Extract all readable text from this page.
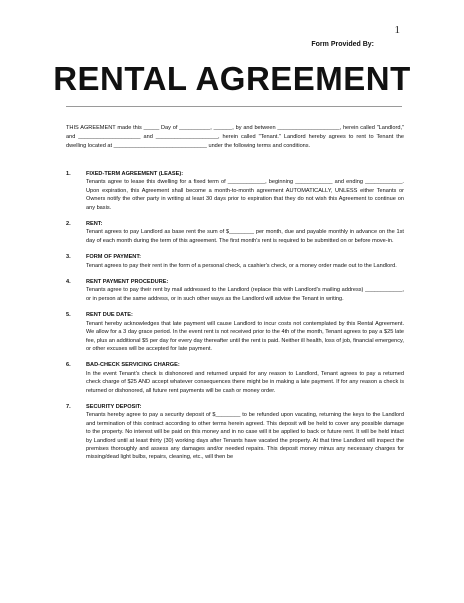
1
Form Provided By:
RENTAL AGREEMENT
THIS AGREEMENT made this _____ Day of __________, ______, by and between ____________________, herein called "Landlord," and ____________________ and ____________________, herein called "Tenant." Landlord hereby agrees to rent to Tenant the dwelling located at ______________________________ under the following terms and conditions.
1.	FIXED-TERM AGREEMENT (LEASE):
Tenants agree to lease this dwelling for a fixed term of ____________, beginning ____________ and ending ____________. Upon expiration, this Agreement shall become a month-to-month agreement AUTOMATICALLY, UNLESS either Tenants or Owners notify the other party in writing at least 30 days prior to expiration that they do not wish this Agreement to continue on any basis.
2.	RENT:
Tenant agrees to pay Landlord as base rent the sum of $________ per month, due and payable monthly in advance on the 1st day of each month during the term of this agreement. The first month's rent is required to be submitted on or before move-in.
3.	FORM OF PAYMENT:
Tenant agrees to pay their rent in the form of a personal check, a cashier's check, or a money order made out to the Landlord.
4.	RENT PAYMENT PROCEDURE:
Tenants agree to pay their rent by mail addressed to the Landlord (replace this with Landlord's mailing address) ____________, or in person at the same address, or in such other ways as the Landlord will advise the Tenant in writing.
5.	RENT DUE DATE:
Tenant hereby acknowledges that late payment will cause Landlord to incur costs not contemplated by this Rental Agreement. We allow for a 3 day grace period. In the event rent is not received prior to the 4th of the month, Tenant agrees to pay a $25 late fee, plus an additional $5 per day for every day thereafter until the rent is paid. Neither ill health, loss of job, financial emergency, or other excuses will be accepted for late payment.
6.	BAD-CHECK SERVICING CHARGE:
In the event Tenant's check is dishonored and returned unpaid for any reason to Landlord, Tenant agrees to pay a returned check charge of $25 AND accept whatever consequences there might be in making a late payment. If for any reason a check is returned or dishonored, all future rent payments will be cash or money order.
7.	SECURITY DEPOSIT:
Tenants hereby agree to pay a security deposit of $________ to be refunded upon vacating, returning the keys to the Landlord and termination of this contract according to other terms herein agreed. This deposit will be held to cover any possible damage to the property. No interest will be paid on this money and in no case will it be applied to back or future rent. It will be held intact by Landlord until at least thirty (30) working days after Tenants have vacated the property. At that time Landlord will inspect the premises thoroughly and assess any damages and/or needed repairs. This deposit money minus any necessary charges for missing/dead light bulbs, repairs, cleaning, etc., will then be
